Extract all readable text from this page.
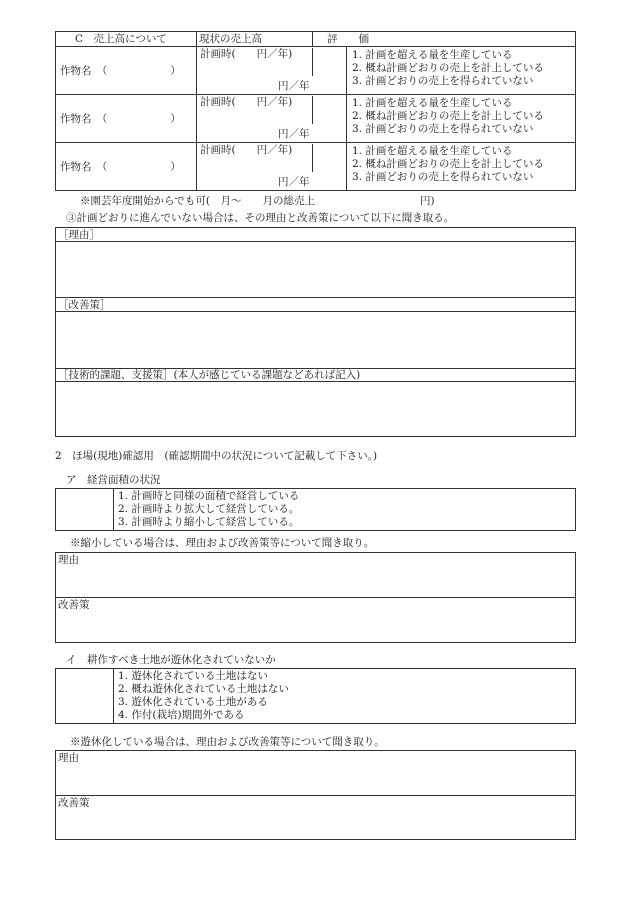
C　売上高について	現状の売上高	評　　価
作物名　（　　　　　　）
計画時(　　円／年)
円／年
1. 計画を超える量を生産している
2. 概ね計画どおりの売上を計上している
3. 計画どおりの売上を得られていない
作物名　（　　　　　　）
計画時(　　円／年)
円／年
1. 計画を超える量を生産している
2. 概ね計画どおりの売上を計上している
3. 計画どおりの売上を得られていない
作物名　（　　　　　　）
計画時(　　円／年)
円／年
1. 計画を超える量を生産している
2. 概ね計画どおりの売上を計上している
3. 計画どおりの売上を得られていない
※園芸年度開始からでも可(　月～　　月の総売上　　　　　　　　　　円)
③計画どおりに進んでいない場合は、その理由と改善策について以下に聞き取る。
［理由］
［改善策］
［技術的課題、支援策］(本人が感じている課題などあれば記入)
2　ほ場(現地)確認用　(確認期間中の状況について記載して下さい。)
ア　経営面積の状況
1. 計画時と同様の面積で経営している
2. 計画時より拡大して経営している。
3. 計画時より縮小して経営している。
※縮小している場合は、理由および改善策等について聞き取り。
理由
改善策
イ　耕作すべき土地が遊休化されていないか
1. 遊休化されている土地はない
2. 概ね遊休化されている土地はない
3. 遊休化されている土地がある
4. 作付(栽培)期間外である
※遊休化している場合は、理由および改善策等について聞き取り。
理由
改善策
